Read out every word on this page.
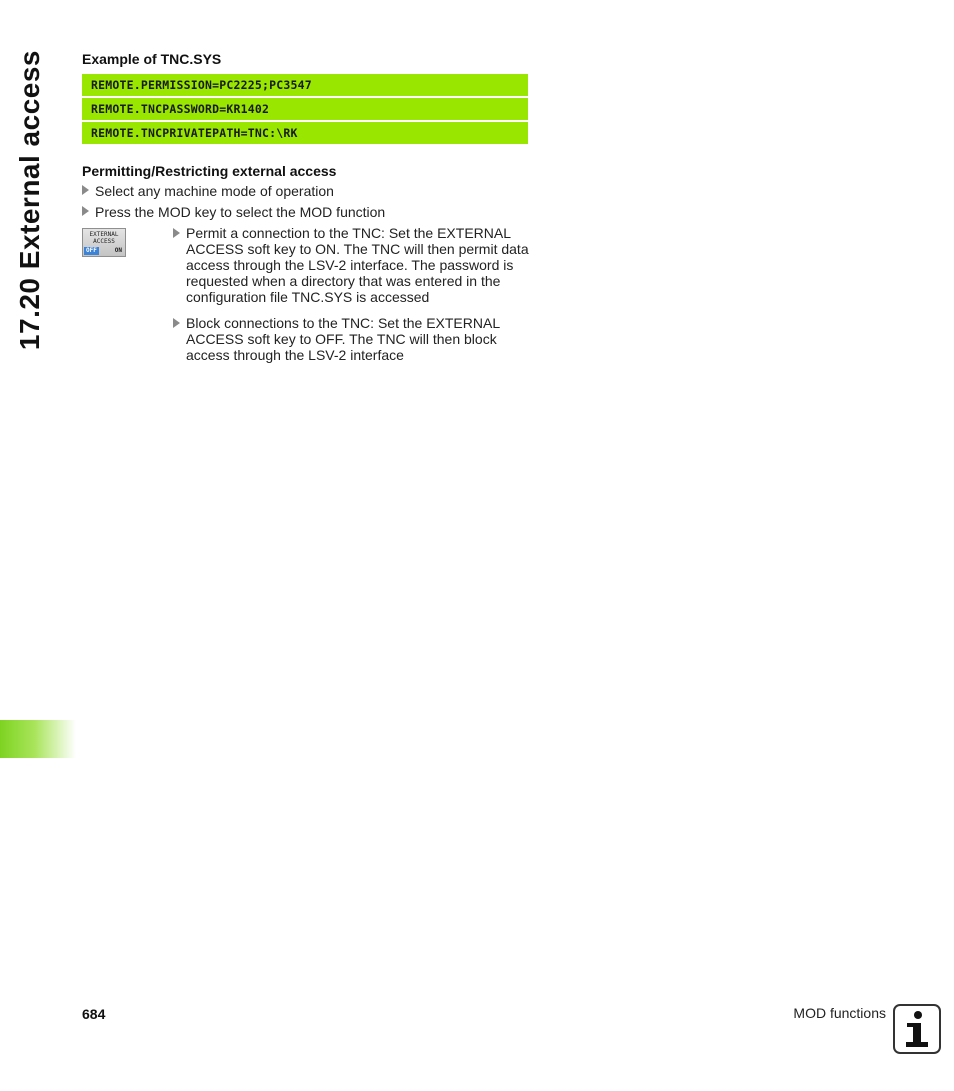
17.20 External access	Example of TNC.SYS
REMOTE.PERMISSION=PC2225;PC3547
REMOTE.TNCPASSWORD=KR1402
REMOTE.TNCPRIVATEPATH=TNC:\RK
Permitting/Restricting external access
Select any machine mode of operation
Press the MOD key to select the MOD function
EXTERNAL
ACCESS
OFF	ON
Permit a connection to the TNC: Set the EXTERNAL ACCESS soft key to ON. The TNC will then permit data access through the LSV-2 interface. The password is requested when a directory that was entered in the configuration file TNC.SYS is accessed
Block connections to the TNC: Set the EXTERNAL ACCESS soft key to OFF. The TNC will then block access through the LSV-2 interface
684	MOD functions
